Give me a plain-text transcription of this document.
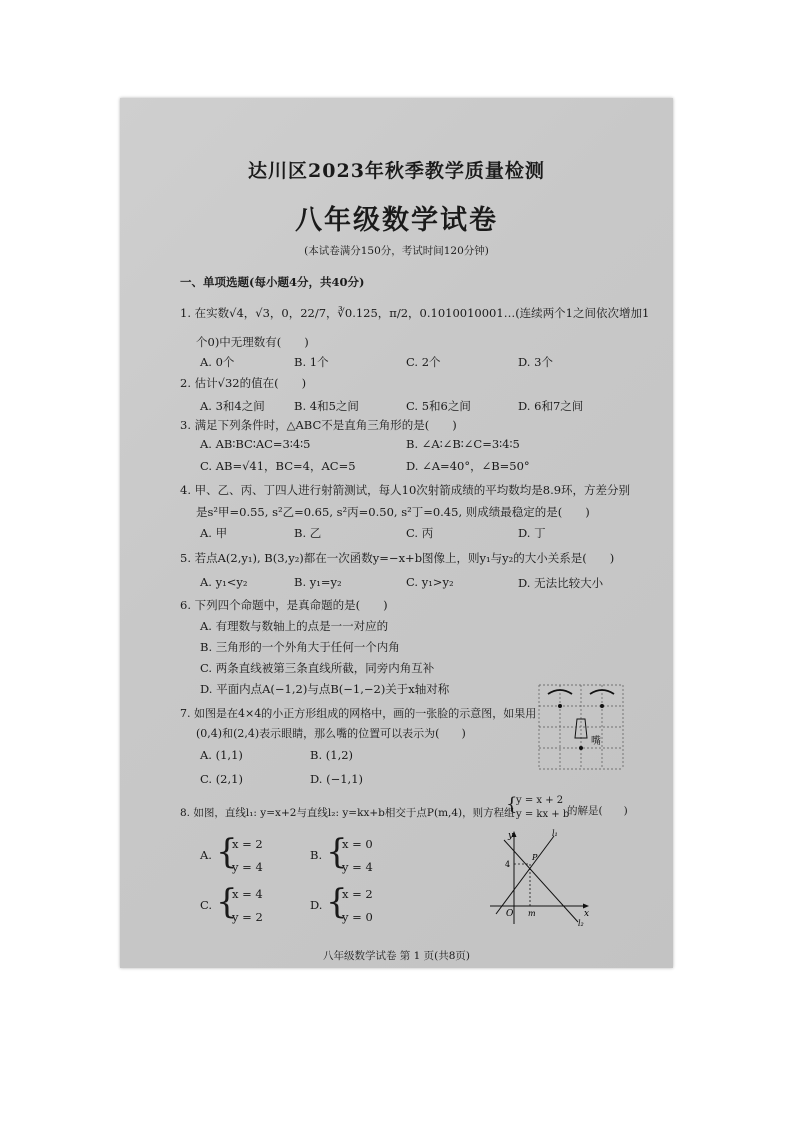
达川区2023年秋季教学质量检测
八年级数学试卷
(本试卷满分150分，考试时间120分钟)
一、单项选题(每小题4分，共40分)
1. 在实数√4，√3，0，22/7，∛0.125，π/2，0.1010010001…(连续两个1之间依次增加1
个0)中无理数有(　　)
A. 0个	B. 1个	C. 2个	D. 3个
2. 估计√32的值在(　　)
A. 3和4之间	B. 4和5之间	C. 5和6之间	D. 6和7之间
3. 满足下列条件时，△ABC不是直角三角形的是(　　)
A. AB∶BC∶AC=3∶4∶5	B. ∠A∶∠B∶∠C=3∶4∶5
C. AB=√41，BC=4，AC=5	D. ∠A=40°，∠B=50°
4. 甲、乙、丙、丁四人进行射箭测试，每人10次射箭成绩的平均数均是8.9环，方差分别
是s²甲=0.55, s²乙=0.65, s²丙=0.50, s²丁=0.45, 则成绩最稳定的是(　　)
A. 甲	B. 乙	C. 丙	D. 丁
5. 若点A(2,y₁), B(3,y₂)都在一次函数y=−x+b图像上，则y₁与y₂的大小关系是(　　)
A. y₁<y₂	B. y₁=y₂	C. y₁>y₂	D. 无法比较大小
6. 下列四个命题中，是真命题的是(　　)
A. 有理数与数轴上的点是一一对应的
B. 三角形的一个外角大于任何一个内角
C. 两条直线被第三条直线所截，同旁内角互补
D. 平面内点A(−1,2)与点B(−1,−2)关于x轴对称
7. 如图是在4×4的小正方形组成的网格中，画的一张脸的示意图，如果用
(0,4)和(2,4)表示眼睛，那么嘴的位置可以表示为(　　)
A. (1,1)	B. (1,2)
C. (2,1)	D. (−1,1)
嘴
8. 如图，直线l₁: y=x+2与直线l₂: y=kx+b相交于点P(m,4)，则方程组
{
y = x + 2
y = kx + b
的解是(　　)
A. {
x = 2
y = 4
B. {
x = 0
y = 4
C. {
x = 4
y = 2
D. {
x = 2
y = 0
y
x
O m
4
P
l₁
l₂
八年级数学试卷 第 1 页(共8页)
